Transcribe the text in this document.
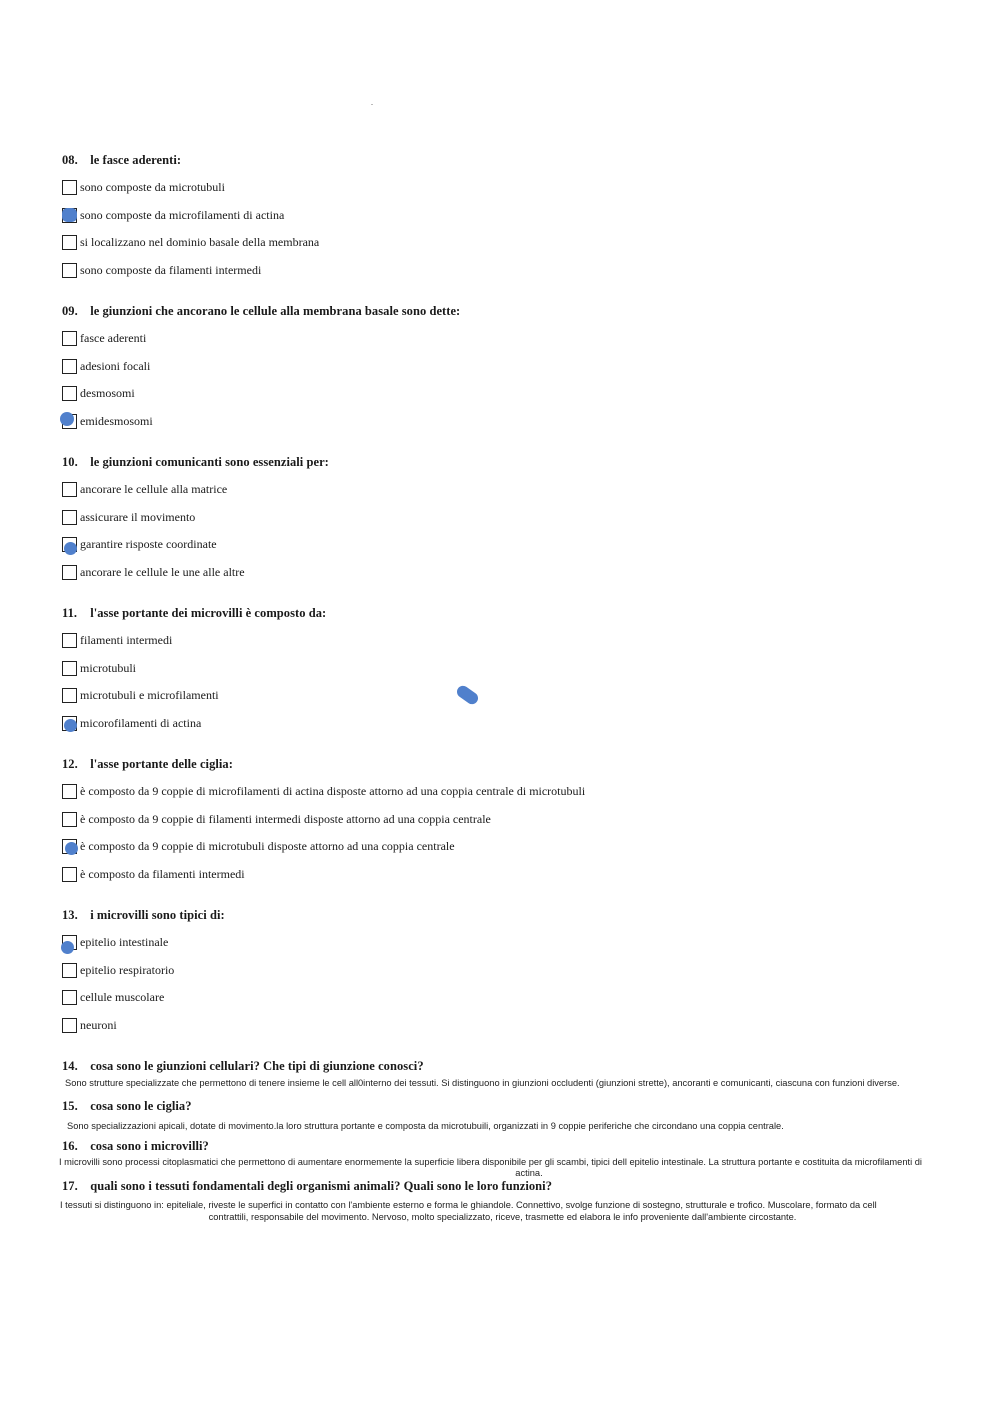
08. le fasce aderenti:
sono composte da microtubuli
sono composte da microfilamenti di actina
si localizzano nel dominio basale della membrana
sono composte da filamenti intermedi
09. le giunzioni che ancorano le cellule alla membrana basale sono dette:
fasce aderenti
adesioni focali
desmosomi
emidesmosomi
10. le giunzioni comunicanti sono essenziali per:
ancorare le cellule alla matrice
assicurare il movimento
garantire risposte coordinate
ancorare le cellule le une alle altre
11. l'asse portante dei microvilli è composto da:
filamenti intermedi
microtubuli
microtubuli e microfilamenti
micorofilamenti di actina
12. l'asse portante delle ciglia:
è composto da 9 coppie di microfilamenti di actina disposte attorno ad una coppia centrale di microtubuli
è composto da 9 coppie di filamenti intermedi disposte attorno ad una coppia centrale
è composto da 9 coppie di microtubuli disposte attorno ad una coppia centrale
è composto da filamenti intermedi
13. i microvilli sono tipici di:
epitelio intestinale
epitelio respiratorio
cellule muscolare
neuroni
14. cosa sono le giunzioni cellulari? Che tipi di giunzione conosci?
Sono strutture specializzate che permettono di tenere insieme le cell all0interno dei tessuti. Si distinguono in giunzioni occludenti (giunzioni strette), ancoranti e comunicanti, ciascuna con funzioni diverse.
15. cosa sono le ciglia?
Sono specializzazioni apicali, dotate di movimento.la loro struttura portante e composta da microtubuili, organizzati in 9 coppie periferiche che circondano una coppia centrale.
16. cosa sono i microvilli?
I microvilli sono processi citoplasmatici che permettono di aumentare enormemente la superficie libera disponibile per gli scambi, tipici dell epitelio intestinale. La struttura portante e costituita da microfilamenti di
actina.
17. quali sono i tessuti fondamentali degli organismi animali? Quali sono le loro funzioni?
I tessuti si distinguono in: epiteliale, riveste le superfici in contatto con l'ambiente esterno e forma le ghiandole. Connettivo, svolge funzione di sostegno, strutturale e trofico. Muscolare, formato da cell
contrattili, responsabile del movimento. Nervoso, molto specializzato, riceve, trasmette ed elabora le info proveniente dall'ambiente circostante.
